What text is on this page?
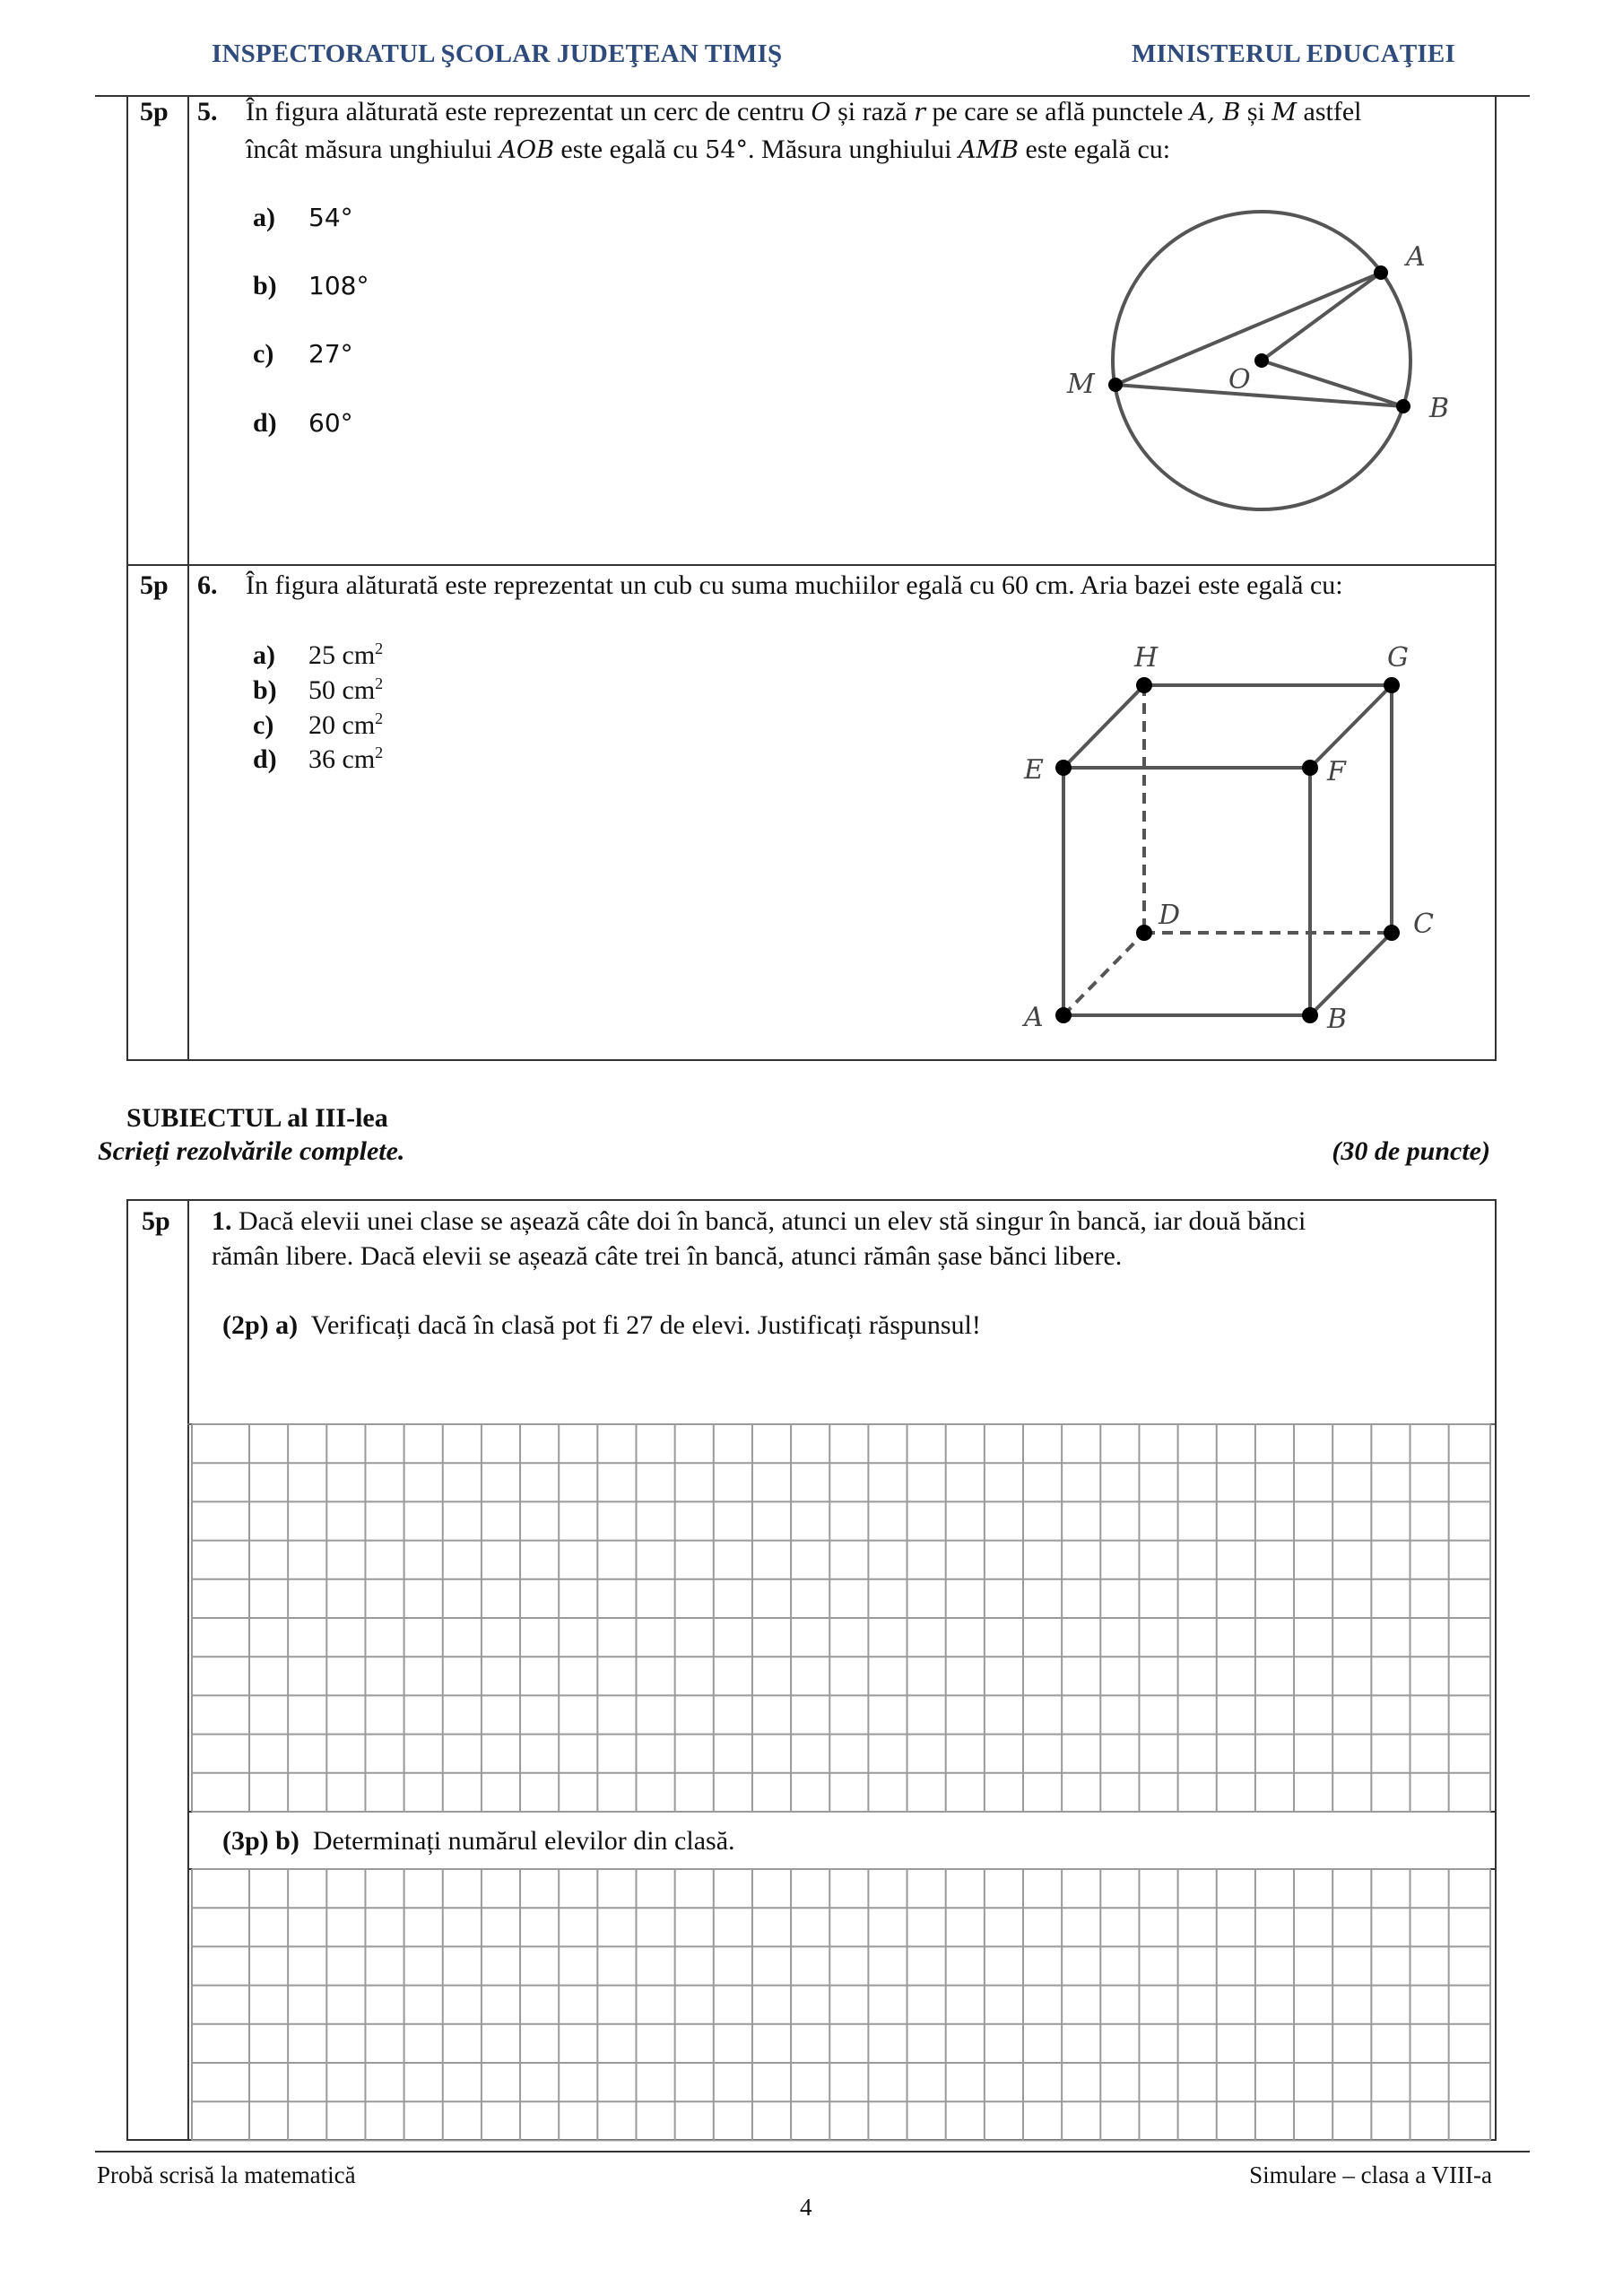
INSPECTORATUL ŞCOLAR JUDEŢEAN TIMIŞ	MINISTERUL EDUCAŢIEI
5p 5. În figura alăturată este reprezentat un cerc de centru O și rază r pe care se află punctele A, B și M astfel
încât măsura unghiului AOB este egală cu 54°. Măsura unghiului AMB este egală cu:
a) 54°
b) 108°
c) 27°
d) 60°
A
B
M	O
5p 6. În figura alăturată este reprezentat un cub cu suma muchiilor egală cu 60 cm. Aria bazei este egală cu:
a) 25 $cm^2$
b) 50 $cm^2$
c) 20 $cm^2$
d) 36 $cm^2$
H	G
E	F
D	C
A	B
SUBIECTUL al III-lea
Scrieți rezolvările complete.	(30 de puncte)
5p 1. Dacă elevii unei clase se așează câte doi în bancă, atunci un elev stă singur în bancă, iar două bănci
rămân libere. Dacă elevii se așează câte trei în bancă, atunci rămân șase bănci libere.
(2p) a) Verificați dacă în clasă pot fi 27 de elevi. Justificați răspunsul!
(3p) b) Determinați numărul elevilor din clasă.
Probă scrisă la matematică	Simulare – clasa a VIII-a
4
